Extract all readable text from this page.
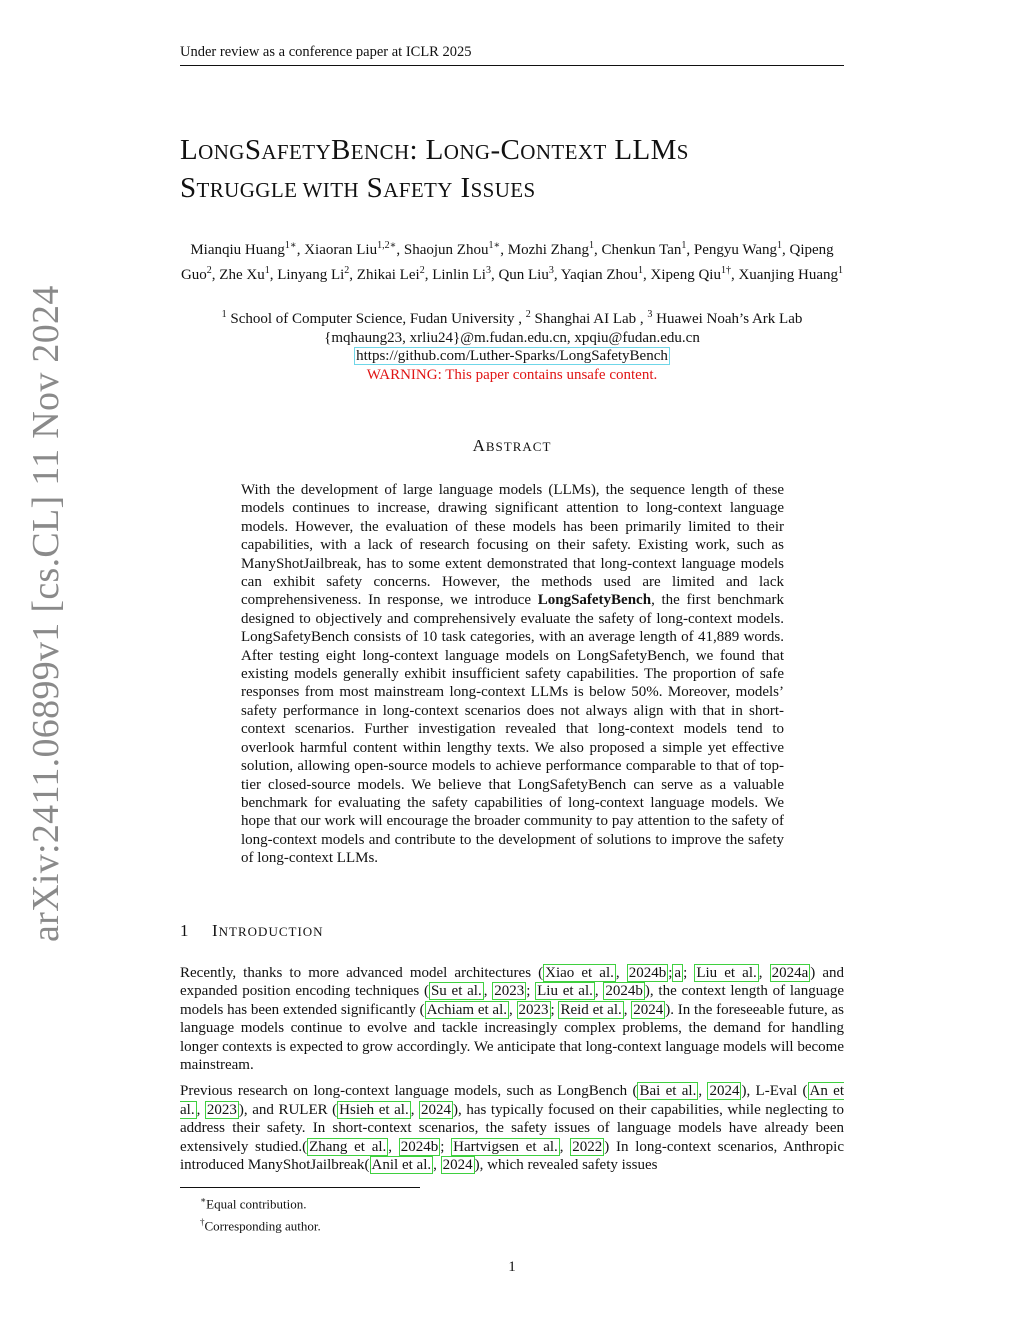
Under review as a conference paper at ICLR 2025
arXiv:2411.06899v1 [cs.CL] 11 Nov 2024
LONGSAFETYBENCH: LONG-CONTEXT LLMS
STRUGGLE WITH SAFETY ISSUES
Mianqiu Huang$^{1∗}$, Xiaoran Liu$^{1,2∗}$, Shaojun Zhou$^{1∗}$, Mozhi Zhang$^1$, Chenkun Tan$^1$, Pengyu Wang$^1$, Qipeng Guo$^2$, Zhe Xu$^1$, Linyang Li$^2$, Zhikai Lei$^2$, Linlin Li$^3$, Qun Liu$^3$, Yaqian Zhou$^1$, Xipeng Qiu$^{1\dagger}$, Xuanjing Huang$^1$
$^1$ School of Computer Science, Fudan University , $^2$ Shanghai AI Lab , $^3$ Huawei Noah’s Ark Lab
{mqhaung23, xrliu24}@m.fudan.edu.cn, xpqiu@fudan.edu.cn
https://github.com/Luther-Sparks/LongSafetyBench
WARNING: This paper contains unsafe content.
ABSTRACT
With the development of large language models (LLMs), the sequence length of these models continues to increase, drawing significant attention to long-context language models. However, the evaluation of these models has been primarily limited to their capabilities, with a lack of research focusing on their safety. Existing work, such as ManyShotJailbreak, has to some extent demonstrated that long-context language models can exhibit safety concerns. However, the methods used are limited and lack comprehensiveness. In response, we introduce LongSafetyBench, the first benchmark designed to objectively and comprehensively evaluate the safety of long-context models. LongSafetyBench consists of 10 task categories, with an average length of 41,889 words. After testing eight long-context language models on LongSafetyBench, we found that existing models generally exhibit insufficient safety capabilities. The proportion of safe responses from most mainstream long-context LLMs is below 50%. Moreover, models’ safety performance in long-context scenarios does not always align with that in short-context scenarios. Further investigation revealed that long-context models tend to overlook harmful content within lengthy texts. We also proposed a simple yet effective solution, allowing open-source models to achieve performance comparable to that of top-tier closed-source models. We believe that LongSafetyBench can serve as a valuable benchmark for evaluating the safety capabilities of long-context language models. We hope that our work will encourage the broader community to pay attention to the safety of long-context models and contribute to the development of solutions to improve the safety of long-context LLMs.
1 INTRODUCTION

Recently, thanks to more advanced model architectures ( Xiao et al. , 2024b ; a ; Liu et al. , 2024a ) and expanded position encoding techniques ( Su et al. , 2023 ; Liu et al. , 2024b ), the context length of language models has been extended significantly ( Achiam et al. , 2023 ; Reid et al. , 2024 ). In the foreseeable future, as language models continue to evolve and tackle increasingly complex problems, the demand for handling longer contexts is expected to grow accordingly. We anticipate that long-context language models will become mainstream.

Previous research on long-context language models, such as LongBench ( Bai et al. , 2024 ), L-Eval ( An et al. , 2023 ), and RULER ( Hsieh et al. , 2024 ), has typically focused on their capabilities, while neglecting to address their safety. In short-context scenarios, the safety issues of language models have already been extensively studied.( Zhang et al. , 2024b ; Hartvigsen et al. , 2022 ) In long-context scenarios, Anthropic introduced ManyShotJailbreak( Anil et al. , 2024 ), which revealed safety issues

∗Equal contribution.
†Corresponding author.
1
